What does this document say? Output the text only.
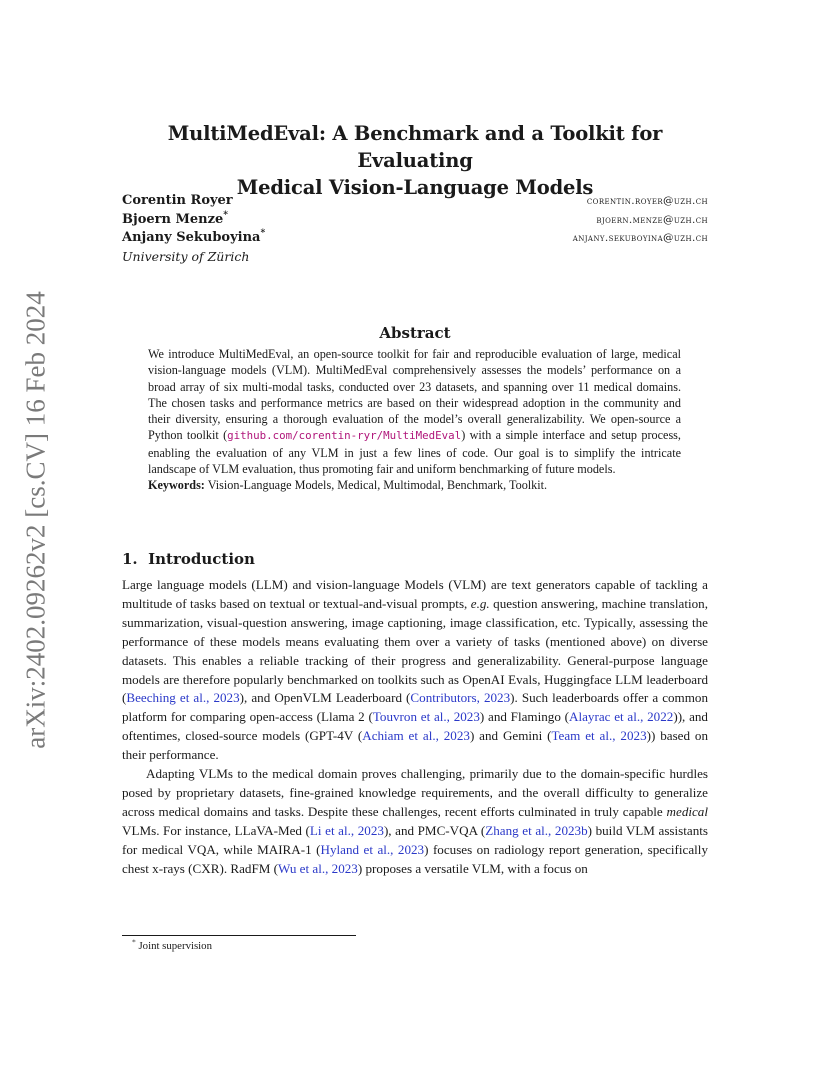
arXiv:2402.09262v2 [cs.CV] 16 Feb 2024
MultiMedEval: A Benchmark and a Toolkit for Evaluating
Medical Vision-Language Models
Corentin Royer	corentin.royer@uzh.ch
Bjoern Menze*	bjoern.menze@uzh.ch
Anjany Sekuboyina*	anjany.sekuboyina@uzh.ch
University of Zürich
Abstract

We introduce MultiMedEval, an open-source toolkit for fair and reproducible evaluation of large, medical vision-language models (VLM). MultiMedEval comprehensively assesses the models’ performance on a broad array of six multi-modal tasks, conducted over 23 datasets, and spanning over 11 medical domains. The chosen tasks and performance metrics are based on their widespread adoption in the community and their diversity, ensuring a thorough evaluation of the model’s overall generalizability. We open-source a Python toolkit (github.com/corentin-ryr/MultiMedEval) with a simple interface and setup process, enabling the evaluation of any VLM in just a few lines of code. Our goal is to simplify the intricate landscape of VLM evaluation, thus promoting fair and uniform benchmarking of future models.

Keywords: Vision-Language Models, Medical, Multimodal, Benchmark, Toolkit.

1. Introduction

Large language models (LLM) and vision-language Models (VLM) are text generators capable of tackling a multitude of tasks based on textual or textual-and-visual prompts, e.g. question answering, machine translation, summarization, visual-question answering, image captioning, image classification, etc. Typically, assessing the performance of these models means evaluating them over a variety of tasks (mentioned above) on diverse datasets. This enables a reliable tracking of their progress and generalizability. General-purpose language models are therefore popularly benchmarked on toolkits such as OpenAI Evals, Huggingface LLM leaderboard (Beeching et al., 2023), and OpenVLM Leaderboard (Contributors, 2023). Such leaderboards offer a common platform for comparing open-access (Llama 2 (Touvron et al., 2023) and Flamingo (Alayrac et al., 2022)), and oftentimes, closed-source models (GPT-4V (Achiam et al., 2023) and Gemini (Team et al., 2023)) based on their performance.

Adapting VLMs to the medical domain proves challenging, primarily due to the domain-specific hurdles posed by proprietary datasets, fine-grained knowledge requirements, and the overall difficulty to generalize across medical domains and tasks. Despite these challenges, recent efforts culminated in truly capable medical VLMs. For instance, LLaVA-Med (Li et al., 2023), and PMC-VQA (Zhang et al., 2023b) build VLM assistants for medical VQA, while MAIRA-1 (Hyland et al., 2023) focuses on radiology report generation, specifically chest x-rays (CXR). RadFM (Wu et al., 2023) proposes a versatile VLM, with a focus on

* Joint supervision
